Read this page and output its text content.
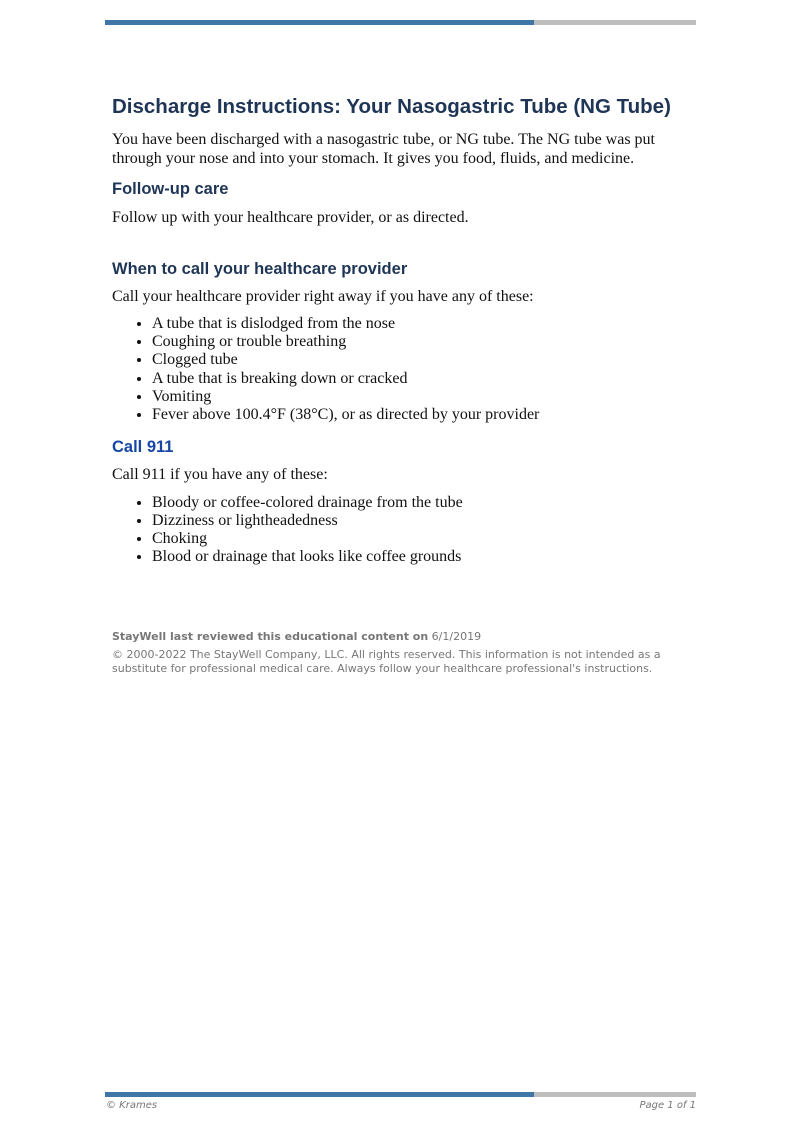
Discharge Instructions: Your Nasogastric Tube (NG Tube)

You have been discharged with a nasogastric tube, or NG tube. The NG tube was put through your nose and into your stomach. It gives you food, fluids, and medicine.

Follow-up care

Follow up with your healthcare provider, or as directed.

When to call your healthcare provider

Call your healthcare provider right away if you have any of these:

• A tube that is dislodged from the nose
• Coughing or trouble breathing
• Clogged tube
• A tube that is breaking down or cracked
• Vomiting
• Fever above 100.4°F (38°C), or as directed by your provider
Call 911

Call 911 if you have any of these:

• Bloody or coffee-colored drainage from the tube
• Dizziness or lightheadedness
• Choking
• Blood or drainage that looks like coffee grounds

StayWell last reviewed this educational content on 6/1/2019

© 2000-2022 The StayWell Company, LLC. All rights reserved. This information is not intended as a substitute for professional medical care. Always follow your healthcare professional's instructions.

© Krames	Page 1 of 1
